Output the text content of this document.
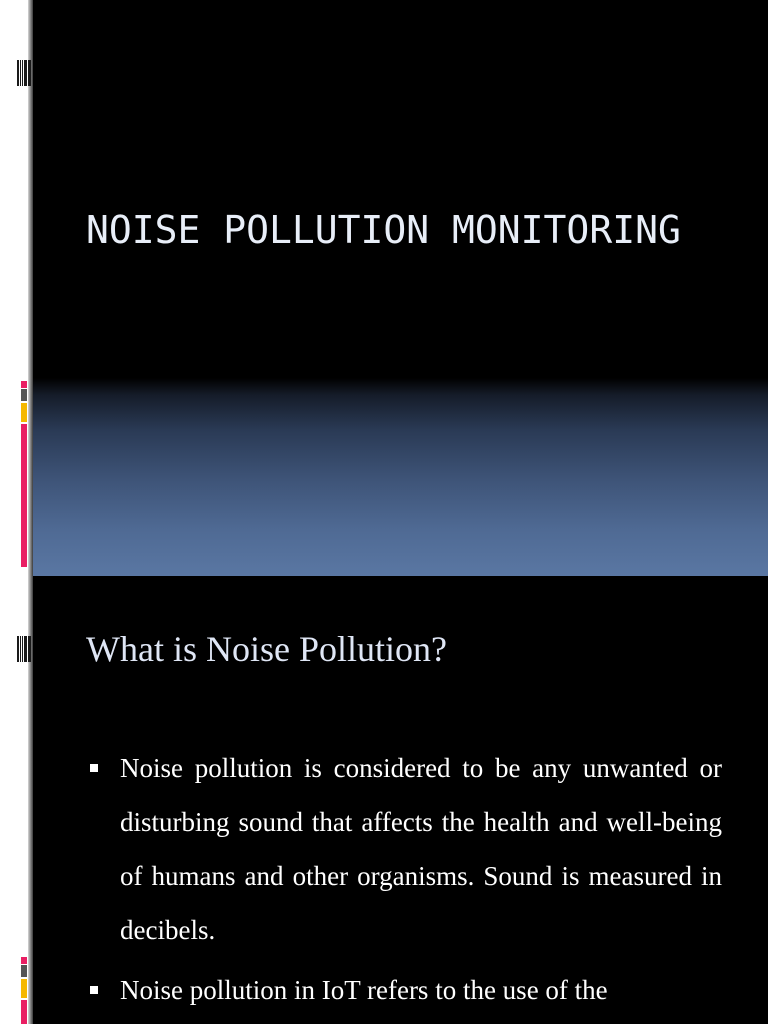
NOISE POLLUTION MONITORING
What is Noise Pollution?
Noise pollution is considered to be any unwanted or disturbing sound that affects the health and well-being of humans and other organisms. Sound is measured in decibels.
Noise pollution in IoT refers to the use of the
